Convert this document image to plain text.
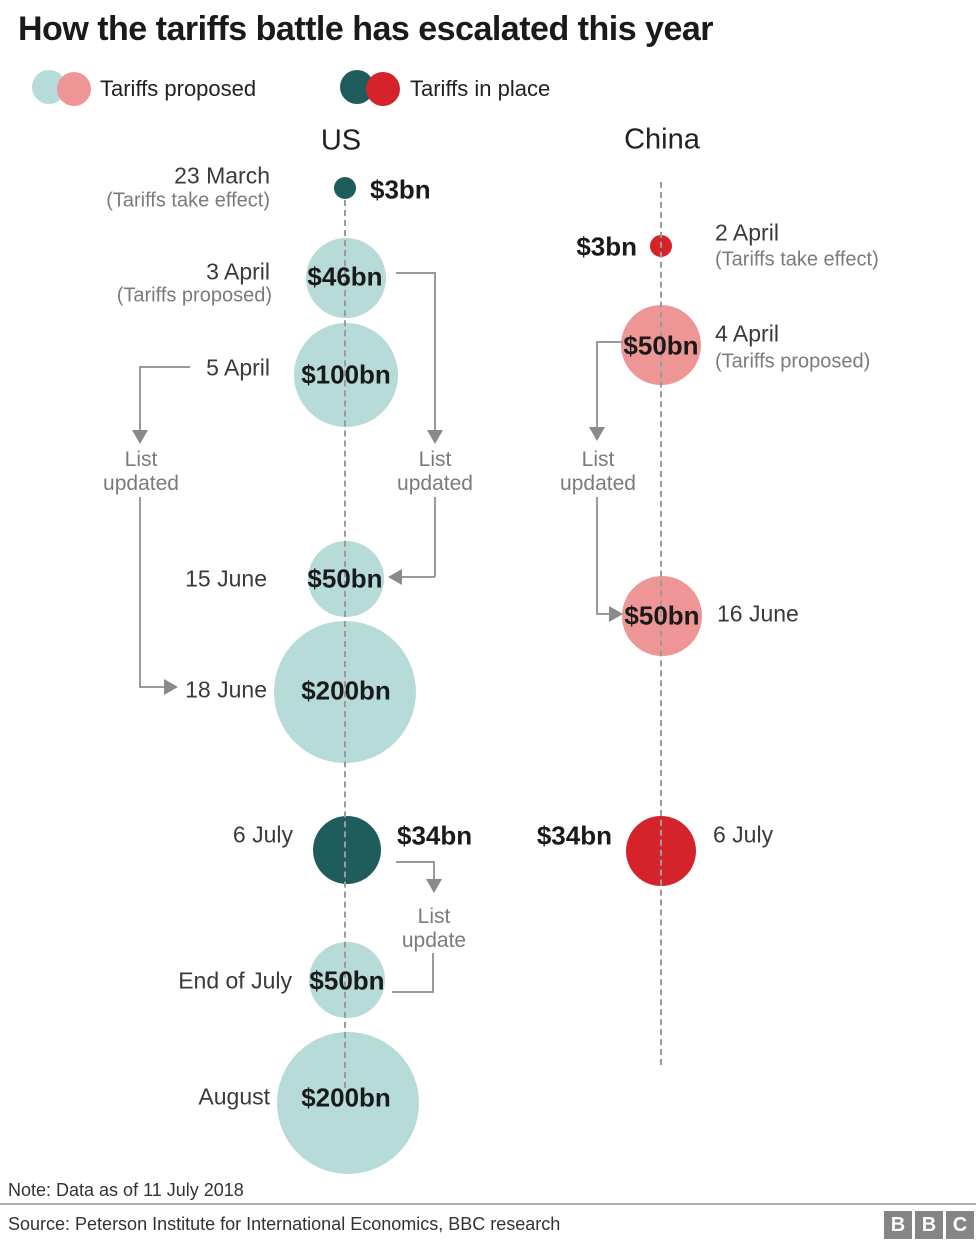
How the tariffs battle has escalated this year
Tariffs proposed	Tariffs in place
US	China
$3bn
$46bn
$100bn
$50bn
$200bn
$34bn
$50bn
$200bn
$3bn
$50bn
$50bn
$34bn
23 March
(Tariffs take effect)
3 April
(Tariffs proposed)
5 April
15 June
18 June
6 July
End of July
August
2 April
(Tariffs take effect)
4 April
(Tariffs proposed)
16 June
6 July
List updated
List updated
List update
List updated
Note: Data as of 11 July 2018
Source: Peterson Institute for International Economics, BBC research	B B C
